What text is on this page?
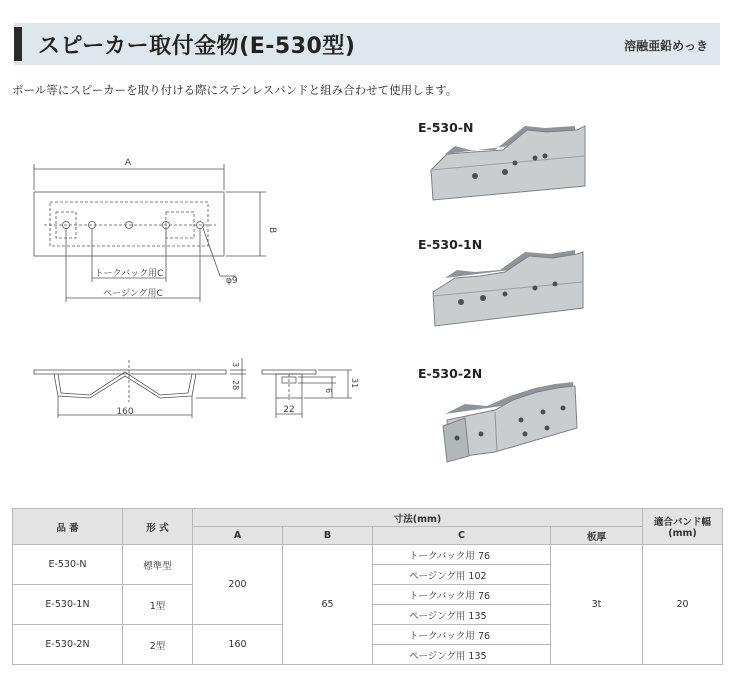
スピーカー取付金物(E-530型)	溶融亜鉛めっき
ポール等にスピーカーを取り付ける際にステンレスバンドと組み合わせて使用します。
A
B
トークバック用C
ページング用C
φ9
160
3
28
22
6
31
E-530-N
E-530-1N
E-530-2N
品 番	形 式	寸法(mm)				適合バンド幅(mm)
		A	B	C	板厚	
E-530-N	標準型	200	65	トークバック用 76	3t	20
				ページング用 102		
E-530-1N	1型			トークバック用 76		
				ページング用 135		
E-530-2N	2型	160		トークバック用 76		
				ページング用 135		
